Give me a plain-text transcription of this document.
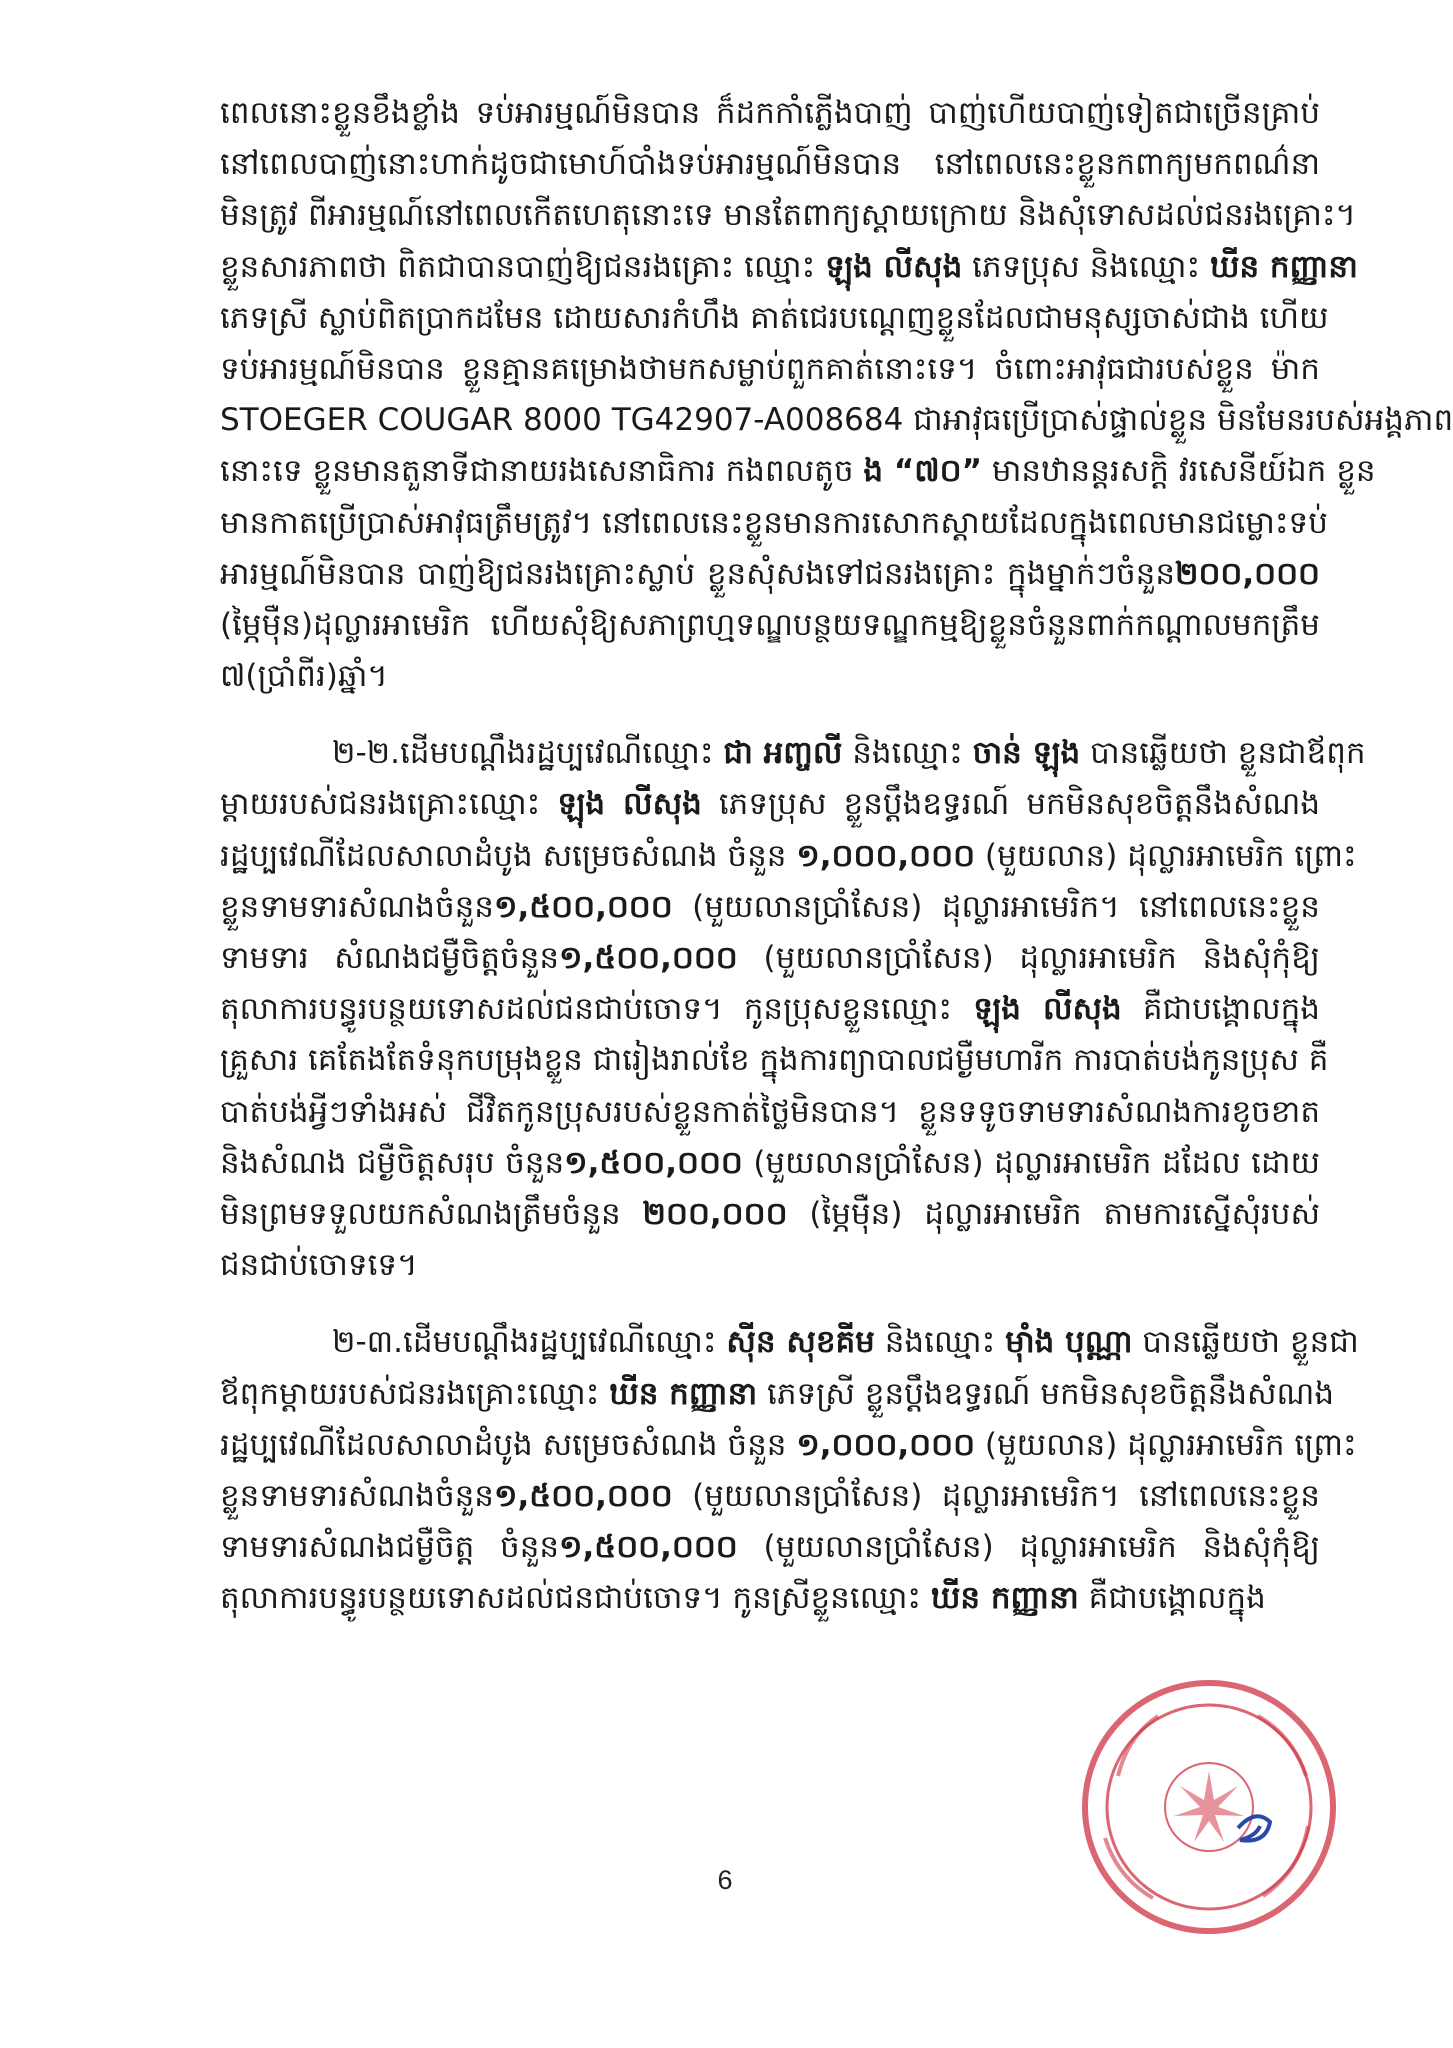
ពេលនោះខ្លួនខឹងខ្លាំង ទប់អារម្មណ៍មិនបាន ក៏ដកកាំភ្លើងបាញ់ បាញ់ហើយបាញ់ទៀតជាច្រើនគ្រាប់
នៅពេលបាញ់នោះហាក់ដូចជាមោហ៍បាំងទប់អារម្មណ៍មិនបាន នៅពេលនេះខ្លួនកពាក្យមកពណ៌នា
មិនត្រូវ ពីអារម្មណ៍នៅពេលកើតហេតុនោះទេ មានតែពាក្យស្តាយក្រោយ និងសុំទោសដល់ជនរងគ្រោះ។
ខ្លួនសារភាពថា ពិតជាបានបាញ់ឱ្យជនរងគ្រោះ ឈ្មោះ ឡុង លីសុង ភេទប្រុស និងឈ្មោះ ឃីន កញ្ញានា
ភេទស្រី ស្លាប់ពិតប្រាកដមែន ដោយសារកំហឹង គាត់ជេរបណ្តេញខ្លួនដែលជាមនុស្សចាស់ជាង ហើយ
ទប់អារម្មណ៍មិនបាន ខ្លួនគ្មានគម្រោងថាមកសម្លាប់ពួកគាត់នោះទេ។ ចំពោះអាវុធជារបស់ខ្លួន ម៉ាក
STOEGER COUGAR 8000 TG42907-A008684 ជាអាវុធប្រើប្រាស់ផ្ទាល់ខ្លួន មិនមែនរបស់អង្គភាព
នោះទេ ខ្លួនមានតួនាទីជានាយរងសេនាធិការ កងពលតូច ង “៧០” មានឋានន្តរសក្តិ វរសេនីយ៍ឯក ខ្លួន
មានកាតប្រើប្រាស់អាវុធត្រឹមត្រូវ។ នៅពេលនេះខ្លួនមានការសោកស្តាយដែលក្នុងពេលមានជម្លោះទប់
អារម្មណ៍មិនបាន បាញ់ឱ្យជនរងគ្រោះស្លាប់ ខ្លួនសុំសងទៅជនរងគ្រោះ ក្នុងម្នាក់ៗចំនួន២០០,០០០
(ម្ភៃម៉ឺន)ដុល្លារអាមេរិក ហើយសុំឱ្យសភាព្រហ្មទណ្ឌបន្ថយទណ្ឌកម្មឱ្យខ្លួនចំនួនពាក់កណ្តាលមកត្រឹម
៧(ប្រាំពីរ)ឆ្នាំ។
២-២.ដើមបណ្តឹងរដ្ឋប្បវេណីឈ្មោះ ជា អញ្ចលី និងឈ្មោះ ចាន់ ឡុង បានឆ្លើយថា ខ្លួនជាឪពុក
ម្តាយរបស់ជនរងគ្រោះឈ្មោះ ឡុង លីសុង ភេទប្រុស ខ្លួនប្តឹងឧទ្ធរណ៍ មកមិនសុខចិត្តនឹងសំណង
រដ្ឋប្បវេណីដែលសាលាដំបូង សម្រេចសំណង ចំនួន ១,០០០,០០០ (មួយលាន) ដុល្លារអាមេរិក ព្រោះ
ខ្លួនទាមទារសំណងចំនួន១,៥០០,០០០ (មួយលានប្រាំសែន) ដុល្លារអាមេរិក។ នៅពេលនេះខ្លួន
ទាមទារ សំណងជម្ងឺចិត្តចំនួន១,៥០០,០០០ (មួយលានប្រាំសែន) ដុល្លារអាមេរិក និងសុំកុំឱ្យ
តុលាការបន្ធូរបន្ថយទោសដល់ជនជាប់ចោទ។ កូនប្រុសខ្លួនឈ្មោះ ឡុង លីសុង គឺជាបង្គោលក្នុង
គ្រួសារ គេតែងតែទំនុកបម្រុងខ្លួន ជារៀងរាល់ខែ ក្នុងការព្យាបាលជម្ងឺមហារីក ការបាត់បង់កូនប្រុស គឺ
បាត់បង់អ្វីៗទាំងអស់ ជីវិតកូនប្រុសរបស់ខ្លួនកាត់ថ្លៃមិនបាន។ ខ្លួនទទូចទាមទារសំណងការខូចខាត
និងសំណង ជម្ងឺចិត្តសរុប ចំនួន១,៥០០,០០០ (មួយលានប្រាំសែន) ដុល្លារអាមេរិក ដដែល ដោយ
មិនព្រមទទួលយកសំណងត្រឹមចំនួន ២០០,០០០ (ម្ភៃម៉ឺន) ដុល្លារអាមេរិក តាមការស្នើសុំរបស់
ជនជាប់ចោទទេ។
២-៣.ដើមបណ្តឹងរដ្ឋប្បវេណីឈ្មោះ ស៊ីន សុខគីម និងឈ្មោះ ម៉ាំង បុណ្ណា បានឆ្លើយថា ខ្លួនជា
ឪពុកម្តាយរបស់ជនរងគ្រោះឈ្មោះ ឃីន កញ្ញានា ភេទស្រី ខ្លួនប្តឹងឧទ្ធរណ៍ មកមិនសុខចិត្តនឹងសំណង
រដ្ឋប្បវេណីដែលសាលាដំបូង សម្រេចសំណង ចំនួន ១,០០០,០០០ (មួយលាន) ដុល្លារអាមេរិក ព្រោះ
ខ្លួនទាមទារសំណងចំនួន១,៥០០,០០០ (មួយលានប្រាំសែន) ដុល្លារអាមេរិក។ នៅពេលនេះខ្លួន
ទាមទារសំណងជម្ងឺចិត្ត ចំនួន១,៥០០,០០០ (មួយលានប្រាំសែន) ដុល្លារអាមេរិក និងសុំកុំឱ្យ
តុលាការបន្ធូរបន្ថយទោសដល់ជនជាប់ចោទ។ កូនស្រីខ្លួនឈ្មោះ ឃីន កញ្ញានា គឺជាបង្គោលក្នុង
6
